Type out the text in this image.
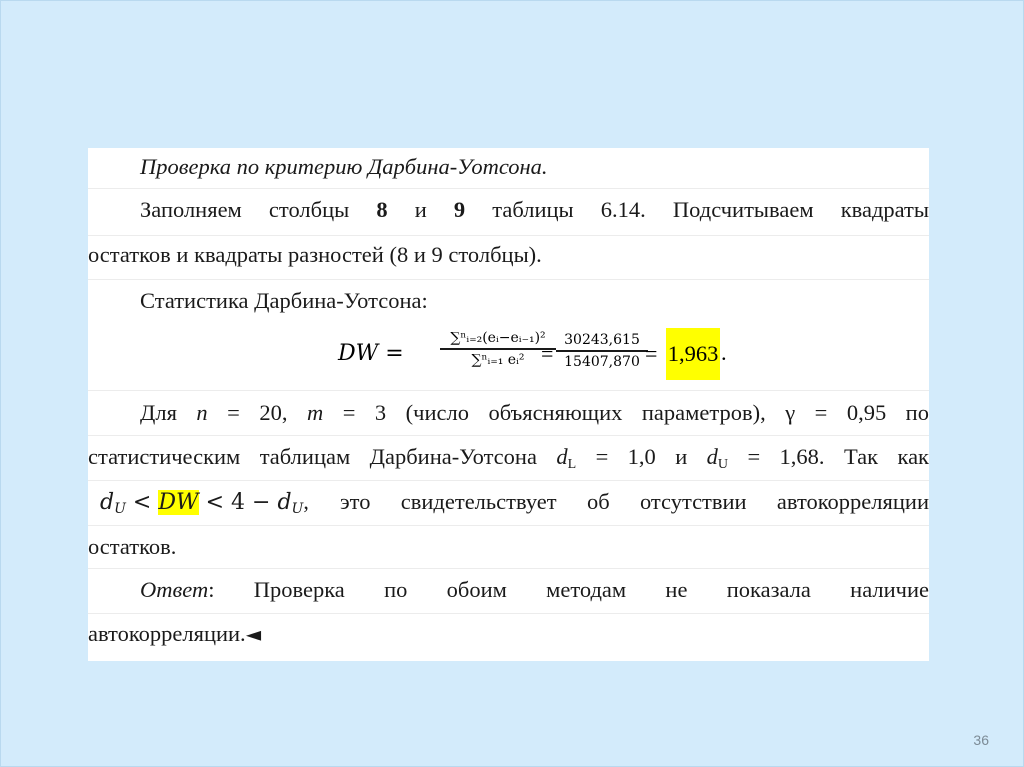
Проверка по критерию Дарбина-Уотсона.
Заполняем столбцы 8 и 9 таблицы 6.14. Подсчитываем квадраты
остатков и квадраты разностей (8 и 9 столбцы).
Статистика Дарбина-Уотсона:
DW =
∑ⁿᵢ₌₂(eᵢ−eᵢ₋₁)²
∑ⁿᵢ₌₁ eᵢ² =
30243,615
15407,870 = 1,963 .
Для n = 20, m = 3 (число объясняющих параметров), γ = 0,95 по
статистическим таблицам Дарбина-Уотсона $d_L = 1,0$ и $d_U = 1,68$. Так как
$d_U$ < DW < $4 - d_U$, это свидетельствует об отсутствии автокорреляции
остатков.
Ответ: Проверка по обоим методам не показала наличие
автокорреляции.◄
36
